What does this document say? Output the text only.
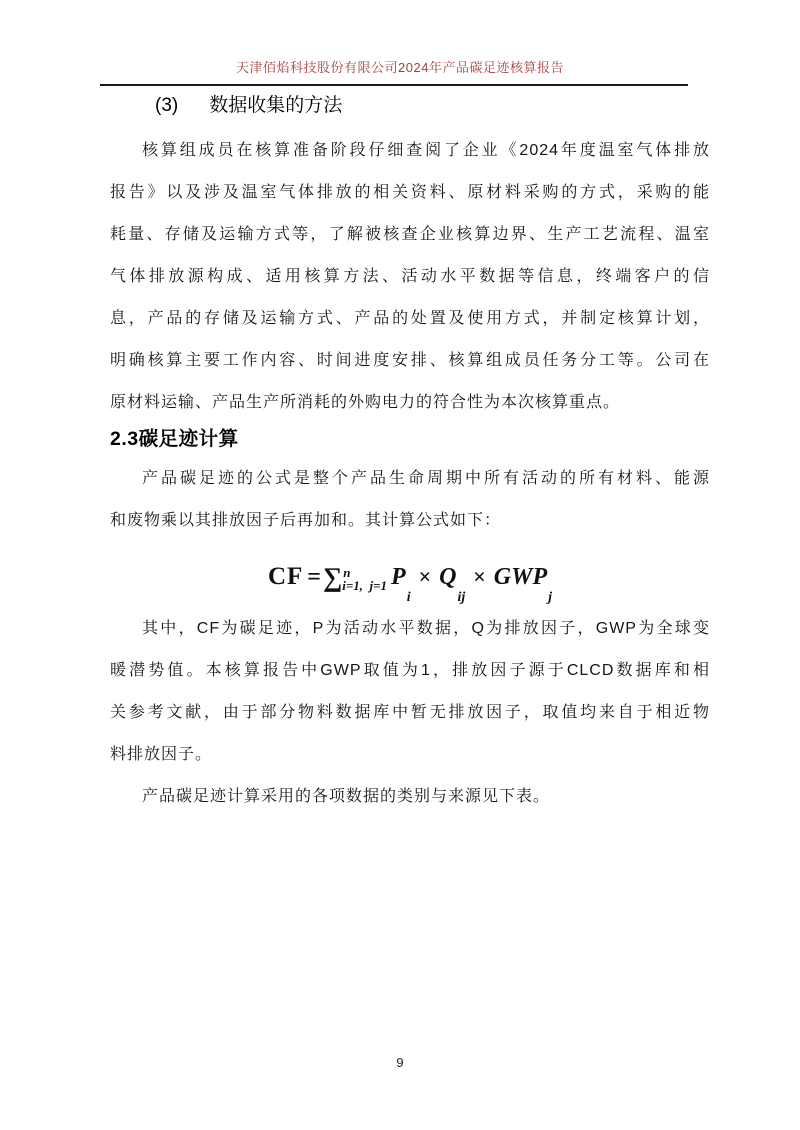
天津佰焰科技股份有限公司2024年产品碳足迹核算报告
(3) 数据收集的方法
核算组成员在核算准备阶段仔细查阅了企业《2024年度温室气体排放
报告》以及涉及温室气体排放的相关资料、原材料采购的方式，采购的能
耗量、存储及运输方式等，了解被核查企业核算边界、生产工艺流程、温室
气体排放源构成、适用核算方法、活动水平数据等信息，终端客户的信
息，产品的存储及运输方式、产品的处置及使用方式，并制定核算计划，
明确核算主要工作内容、时间进度安排、核算组成员任务分工等。公司在
原材料运输、产品生产所消耗的外购电力的符合性为本次核算重点。
2.3碳足迹计算
产品碳足迹的公式是整个产品生命周期中所有活动的所有材料、能源
和废物乘以其排放因子后再加和。其计算公式如下：
CF = ∑ n
i=1,  j=1 P
i
× Q
ij
× GWP
j
其中，CF为碳足迹，P为活动水平数据，Q为排放因子，GWP为全球变
暖潜势值。本核算报告中GWP取值为1，排放因子源于CLCD数据库和相
关参考文献，由于部分物料数据库中暂无排放因子，取值均来自于相近物
料排放因子。
产品碳足迹计算采用的各项数据的类别与来源见下表。
9
